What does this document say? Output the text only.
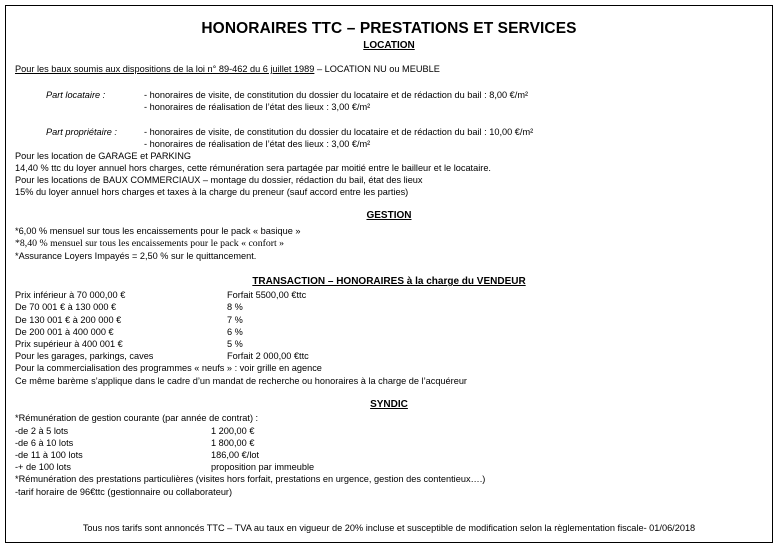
HONORAIRES TTC – PRESTATIONS ET SERVICES
LOCATION
Pour les baux soumis aux dispositions de la loi n° 89-462 du 6 juillet 1989 – LOCATION NU ou MEUBLE
Part locataire :	- honoraires de visite, de constitution du dossier du locataire et de rédaction du bail : 8,00 €/m²
- honoraires de réalisation de l’état des lieux : 3,00 €/m²
Part propriétaire :	- honoraires de visite, de constitution du dossier du locataire et de rédaction du bail : 10,00 €/m²
- honoraires de réalisation de l’état des lieux : 3,00 €/m²
Pour les location de GARAGE et PARKING
14,40 % ttc du loyer annuel hors charges, cette rémunération sera partagée par moitié entre le bailleur et le locataire.
Pour les locations de BAUX COMMERCIAUX – montage du dossier, rédaction du bail, état des lieux
15% du loyer annuel hors charges et taxes à la charge du preneur (sauf accord entre les parties)
GESTION
*6,00 % mensuel sur tous les encaissements pour le pack « basique »
*8,40 % mensuel sur tous les encaissements pour le pack « confort »
*Assurance Loyers Impayés = 2,50 % sur le quittancement.
TRANSACTION – HONORAIRES à la charge du VENDEUR
Prix inférieur à 70 000,00 €	Forfait 5500,00 €ttc
De 70 001 € à 130 000 €	8 %
De 130 001 € à 200 000 €	7 %
De 200 001 à 400 000 €	6 %
Prix supérieur à 400 001 €	5 %
Pour les garages, parkings, caves	Forfait 2 000,00 €ttc
Pour la commercialisation des programmes « neufs » : voir grille en agence
Ce même barème s’applique dans le cadre d’un mandat de recherche ou honoraires à la charge de l’acquéreur
SYNDIC
*Rémunération de gestion courante (par année de contrat) :
-de 2 à 5 lots	1 200,00 €
-de 6 à 10 lots	1 800,00 €
-de 11 à 100 lots	186,00 €/lot
-+ de 100 lots	proposition par immeuble
*Rémunération des prestations particulières (visites hors forfait, prestations en urgence, gestion des contentieux….)
-tarif horaire de 96€ttc (gestionnaire ou collaborateur)
Tous nos tarifs sont annoncés TTC – TVA au taux en vigueur de 20% incluse et susceptible de modification selon la règlementation fiscale- 01/06/2018
